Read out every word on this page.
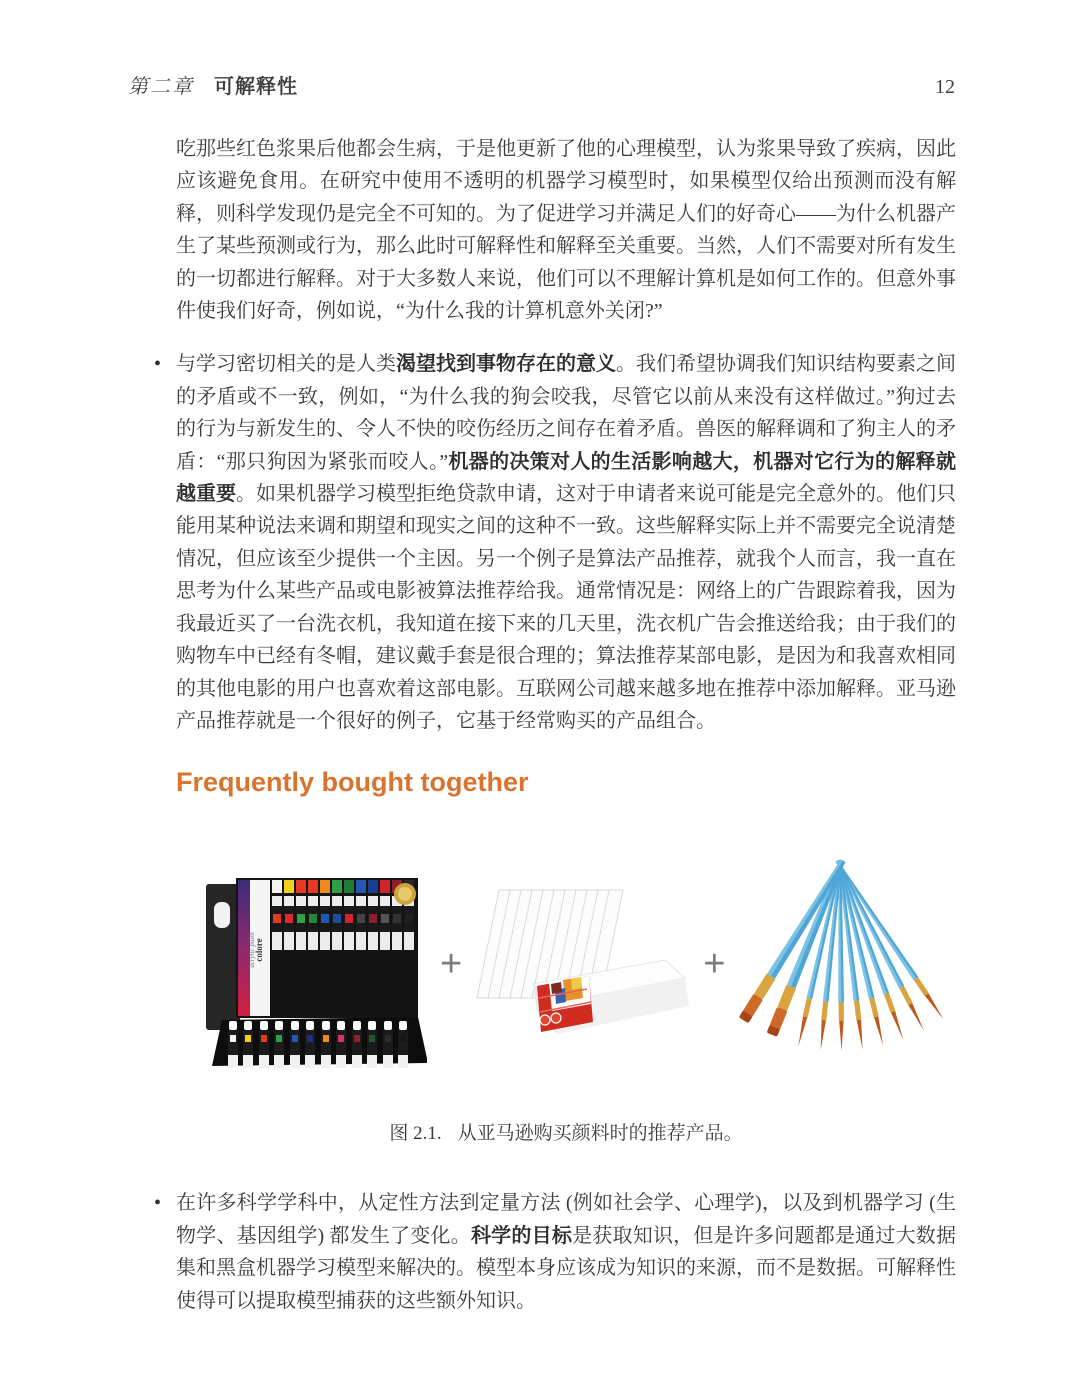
第二章 可解释性	12

吃那些红色浆果后他都会生病，于是他更新了他的心理模型，认为浆果导致了疾病，因此应该避免食用。在研究中使用不透明的机器学习模型时，如果模型仅给出预测而没有解释，则科学发现仍是完全不可知的。为了促进学习并满足人们的好奇心——为什么机器产生了某些预测或行为，那么此时可解释性和解释至关重要。当然，人们不需要对所有发生的一切都进行解释。对于大多数人来说，他们可以不理解计算机是如何工作的。但意外事件使我们好奇，例如说，“为什么我的计算机意外关闭?”

• 与学习密切相关的是人类渴望找到事物存在的意义。我们希望协调我们知识结构要素之间的矛盾或不一致，例如，“为什么我的狗会咬我，尽管它以前从来没有这样做过。”狗过去的行为与新发生的、令人不快的咬伤经历之间存在着矛盾。兽医的解释调和了狗主人的矛盾：“那只狗因为紧张而咬人。”机器的决策对人的生活影响越大，机器对它行为的解释就越重要。如果机器学习模型拒绝贷款申请，这对于申请者来说可能是完全意外的。他们只能用某种说法来调和期望和现实之间的这种不一致。这些解释实际上并不需要完全说清楚情况，但应该至少提供一个主因。另一个例子是算法产品推荐，就我个人而言，我一直在思考为什么某些产品或电影被算法推荐给我。通常情况是：网络上的广告跟踪着我，因为我最近买了一台洗衣机，我知道在接下来的几天里，洗衣机广告会推送给我；由于我们的购物车中已经有冬帽，建议戴手套是很合理的；算法推荐某部电影，是因为和我喜欢相同的其他电影的用户也喜欢着这部电影。互联网公司越来越多地在推荐中添加解释。亚马逊产品推荐就是一个很好的例子，它基于经常购买的产品组合。
Frequently bought together
colore
acrylic paint	+	+

图 2.1. 从亚马逊购买颜料时的推荐产品。

• 在许多科学学科中，从定性方法到定量方法 (例如社会学、心理学)，以及到机器学习 (生物学、基因组学) 都发生了变化。科学的目标是获取知识，但是许多问题都是通过大数据集和黑盒机器学习模型来解决的。模型本身应该成为知识的来源，而不是数据。可解释性使得可以提取模型捕获的这些额外知识。
